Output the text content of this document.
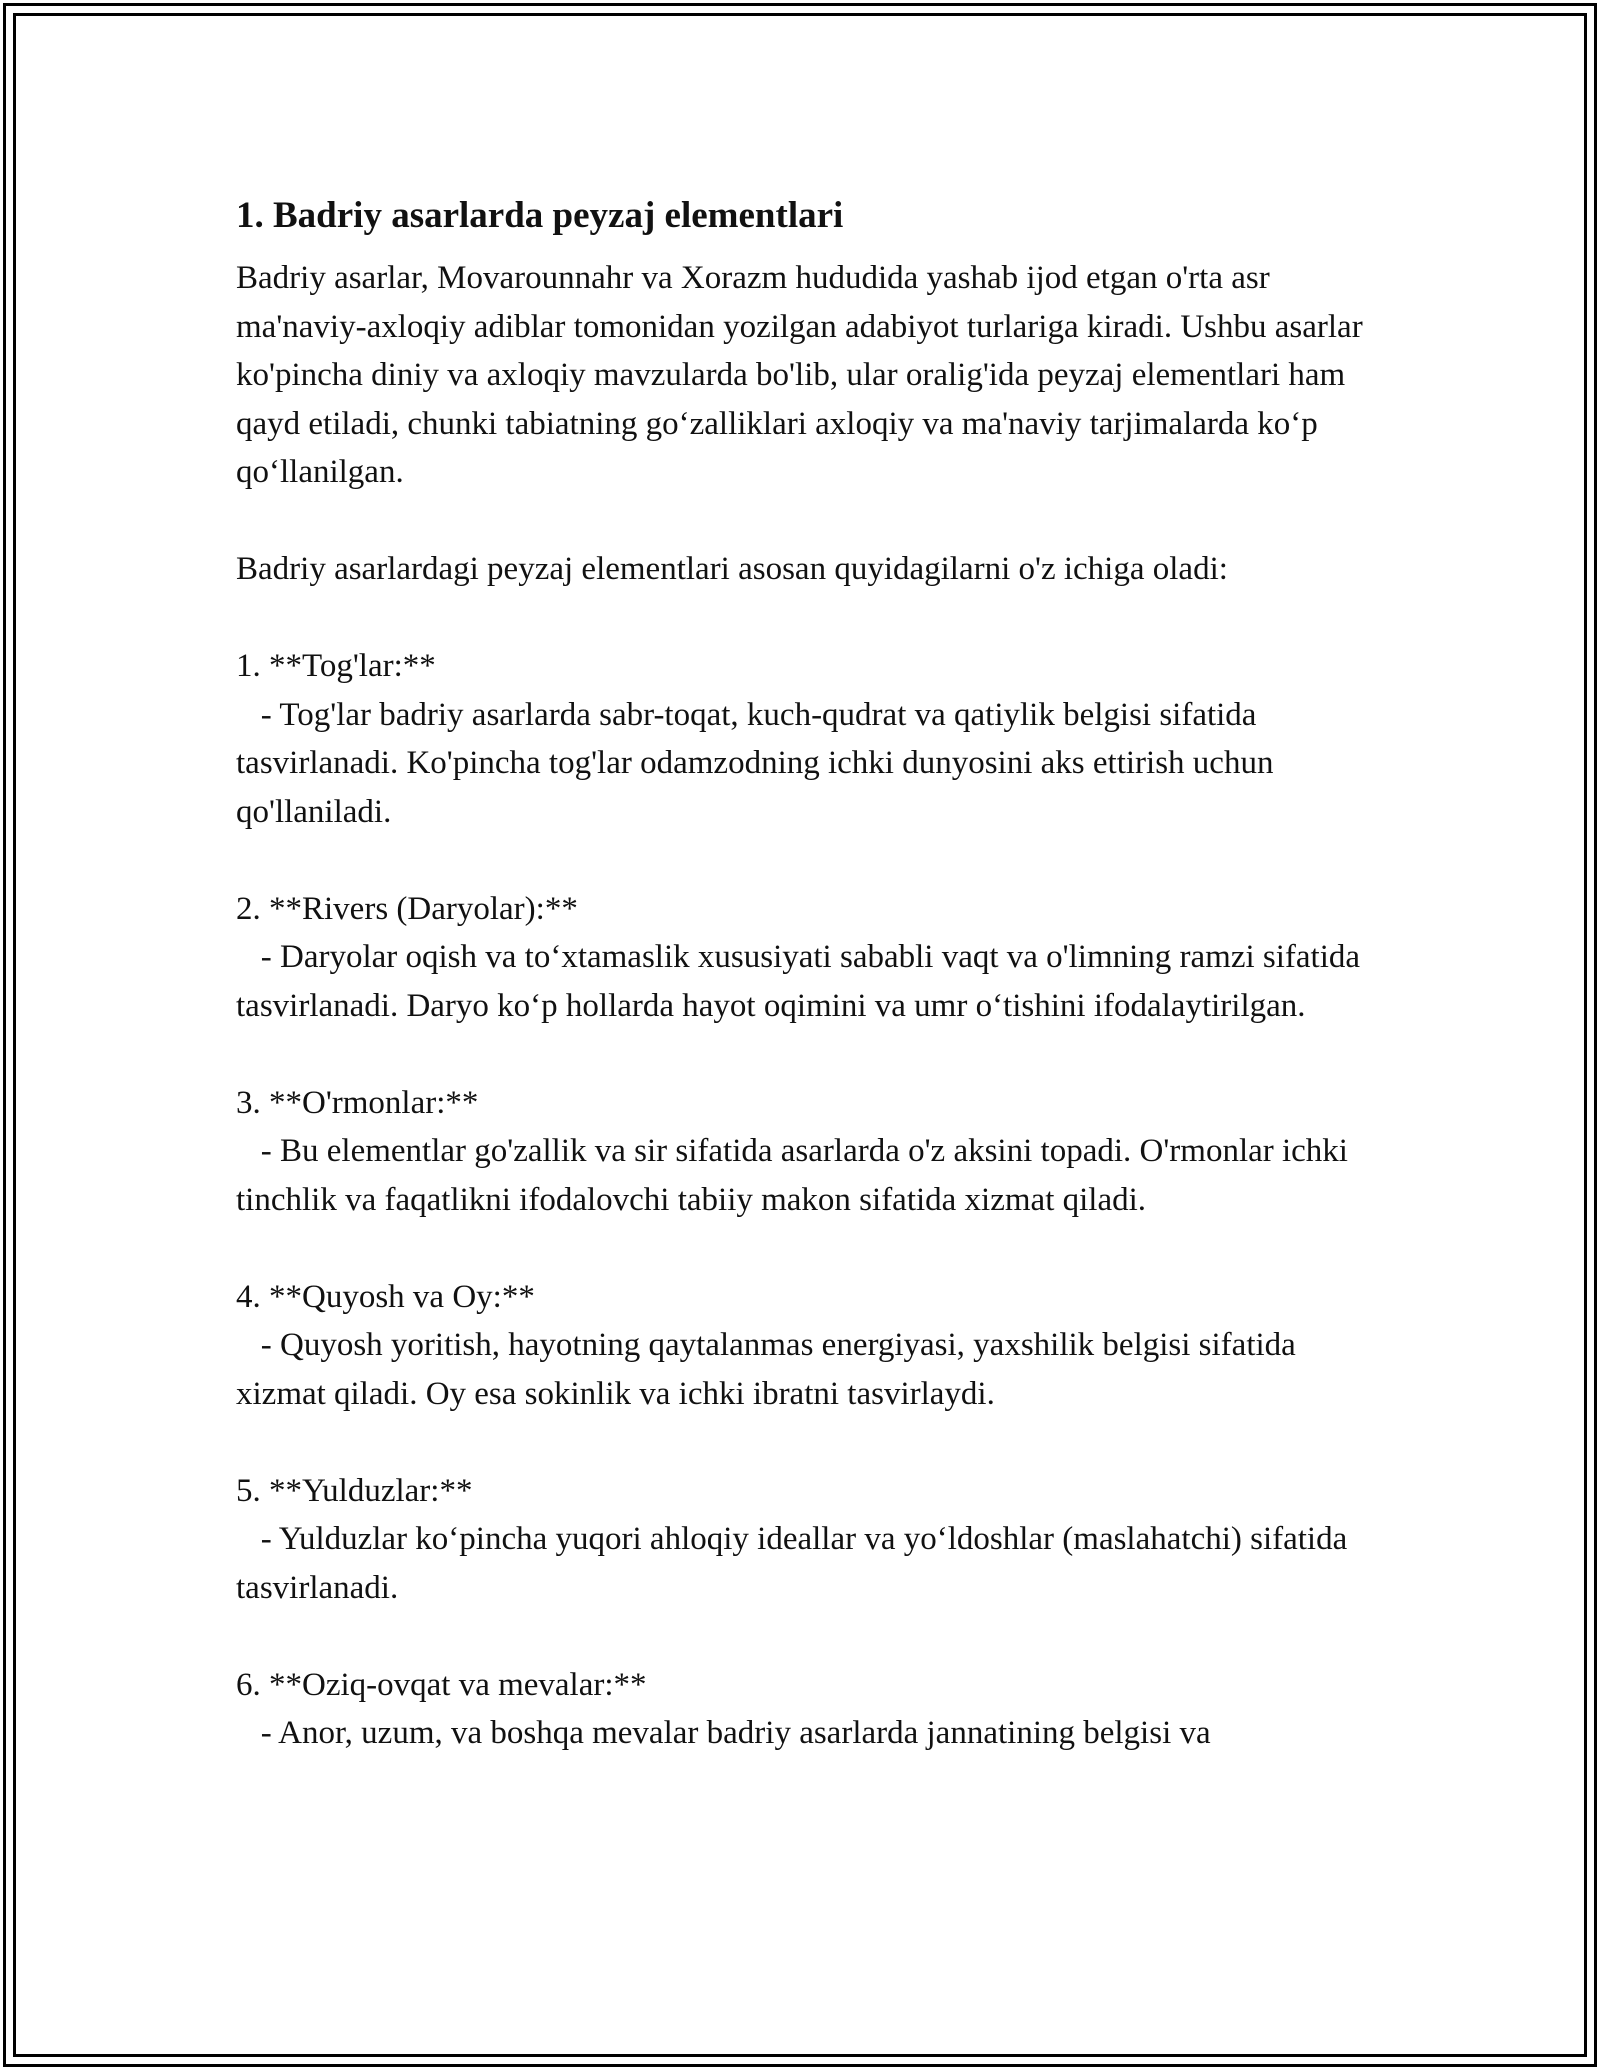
1. Badriy asarlarda peyzaj elementlari

Badriy asarlar, Movarounnahr va Xorazm hududida yashab ijod etgan o'rta asr ma'naviy-axloqiy adiblar tomonidan yozilgan adabiyot turlariga kiradi. Ushbu asarlar ko'pincha diniy va axloqiy mavzularda bo'lib, ular oralig'ida peyzaj elementlari ham qayd etiladi, chunki tabiatning go‘zalliklari axloqiy va ma'naviy tarjimalarda ko‘p qo‘llanilgan.

Badriy asarlardagi peyzaj elementlari asosan quyidagilarni o'z ichiga oladi:

1. **Tog'lar:**

- Tog'lar badriy asarlarda sabr-toqat, kuch-qudrat va qatiylik belgisi sifatida tasvirlanadi. Ko'pincha tog'lar odamzodning ichki dunyosini aks ettirish uchun qo'llaniladi.

2. **Rivers (Daryolar):**

- Daryolar oqish va to‘xtamaslik xususiyati sababli vaqt va o'limning ramzi sifatida tasvirlanadi. Daryo ko‘p hollarda hayot oqimini va umr o‘tishini ifodalaytirilgan.

3. **O'rmonlar:**

- Bu elementlar go'zallik va sir sifatida asarlarda o'z aksini topadi. O'rmonlar ichki tinchlik va faqatlikni ifodalovchi tabiiy makon sifatida xizmat qiladi.

4. **Quyosh va Oy:**

- Quyosh yoritish, hayotning qaytalanmas energiyasi, yaxshilik belgisi sifatida xizmat qiladi. Oy esa sokinlik va ichki ibratni tasvirlaydi.

5. **Yulduzlar:**

- Yulduzlar ko‘pincha yuqori ahloqiy ideallar va yo‘ldoshlar (maslahatchi) sifatida tasvirlanadi.

6. **Oziq-ovqat va mevalar:**

- Anor, uzum, va boshqa mevalar badriy asarlarda jannatining belgisi va
